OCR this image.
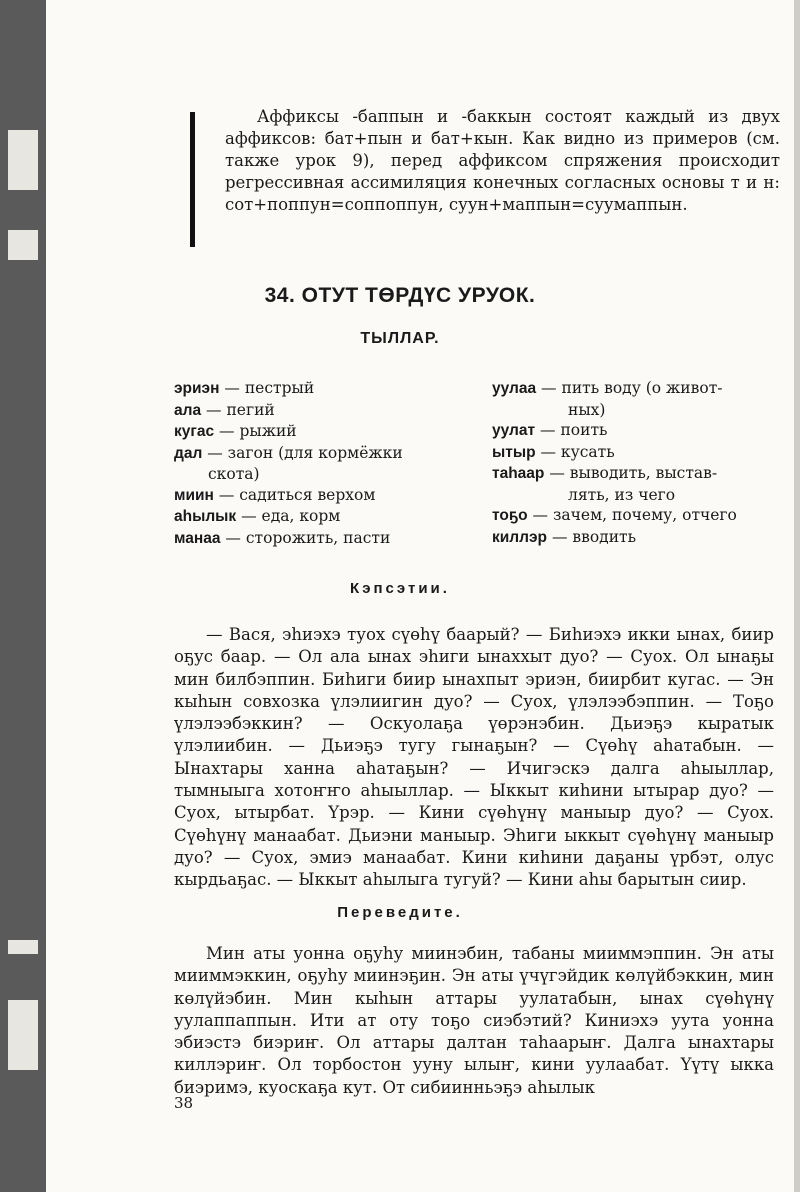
Аффиксы -баппын и -баккын состоят каждый из двух аффиксов: бат+пын и бат+кын. Как видно из примеров (см. также урок 9), перед аффиксом спряжения происходит регрессивная ассимиляция конечных согласных основы т и н: сот+поппун=соппоппун, суун+маппын=суумаппын.

34. ОТУТ ТӨРДҮС УРУОК.
ТЫЛЛАР.
эриэн — пестрый
ала — пегий
кугас — рыжий
дал — загон (для кормёжки
скота)
миин — садиться верхом
аһылык — еда, корм
манаа — сторожить, пасти
уулаа — пить воду (о живот-
ных)
уулат — поить
ытыр — кусать
таһаар — выводить, выстав-
лять, из чего
тоҕо — зачем, почему, отчего
киллэр — вводить
Кэпсэтии.

— Вася, эһиэхэ туох сүөһү баарый? — Биһиэхэ икки ынах, биир оҕус баар. — Ол ала ынах эһиги ынаххыт дуо? — Суох. Ол ынаҕы мин билбэппин. Биһиги биир ынахпыт эриэн, биирбит кугас. — Эн кыһын совхозка үлэлиигин дуо? — Суох, үлэлээбэппин. — Тоҕо үлэлээбэккин? — Оскуолаҕа үөрэнэбин. Дьиэҕэ кыратык үлэлиибин. — Дьиэҕэ тугу гынаҕын? — Сүөһү аһатабын. — Ынахтары ханна аһатаҕын? — Ичигэскэ далга аһыыллар, тымныыга хотоҥҥо аһыыллар. — Ыккыт киһини ытырар дуо? — Суох, ытырбат. Үрэр. — Кини сүөһүнү маныыр дуо? — Суох. Сүөһүнү манаабат. Дьиэни маныыр. Эһиги ыккыт сүөһүнү маныыр дуо? — Суох, эмиэ манаабат. Кини киһини даҕаны үрбэт, олус кырдьаҕас. — Ыккыт аһылыга тугуй? — Кини аһы барытын сиир.

Переведите.

Мин аты уонна оҕуһу миинэбин, табаны мииммэппин. Эн аты мииммэккин, оҕуһу миинэҕин. Эн аты үчүгэйдик көлүйбэккин, мин көлүйэбин. Мин кыһын аттары уулатабын, ынах сүөһүнү уулаппаппын. Ити ат оту тоҕо сиэбэтий? Киниэхэ уута уонна эбиэстэ биэриҥ. Ол аттары далтан таһаарыҥ. Далга ынахтары киллэриҥ. Ол торбостон ууну ылыҥ, кини уулаабат. Үүтү ыкка биэримэ, куоскаҕа кут. От сибиинньэҕэ аһылык

38
